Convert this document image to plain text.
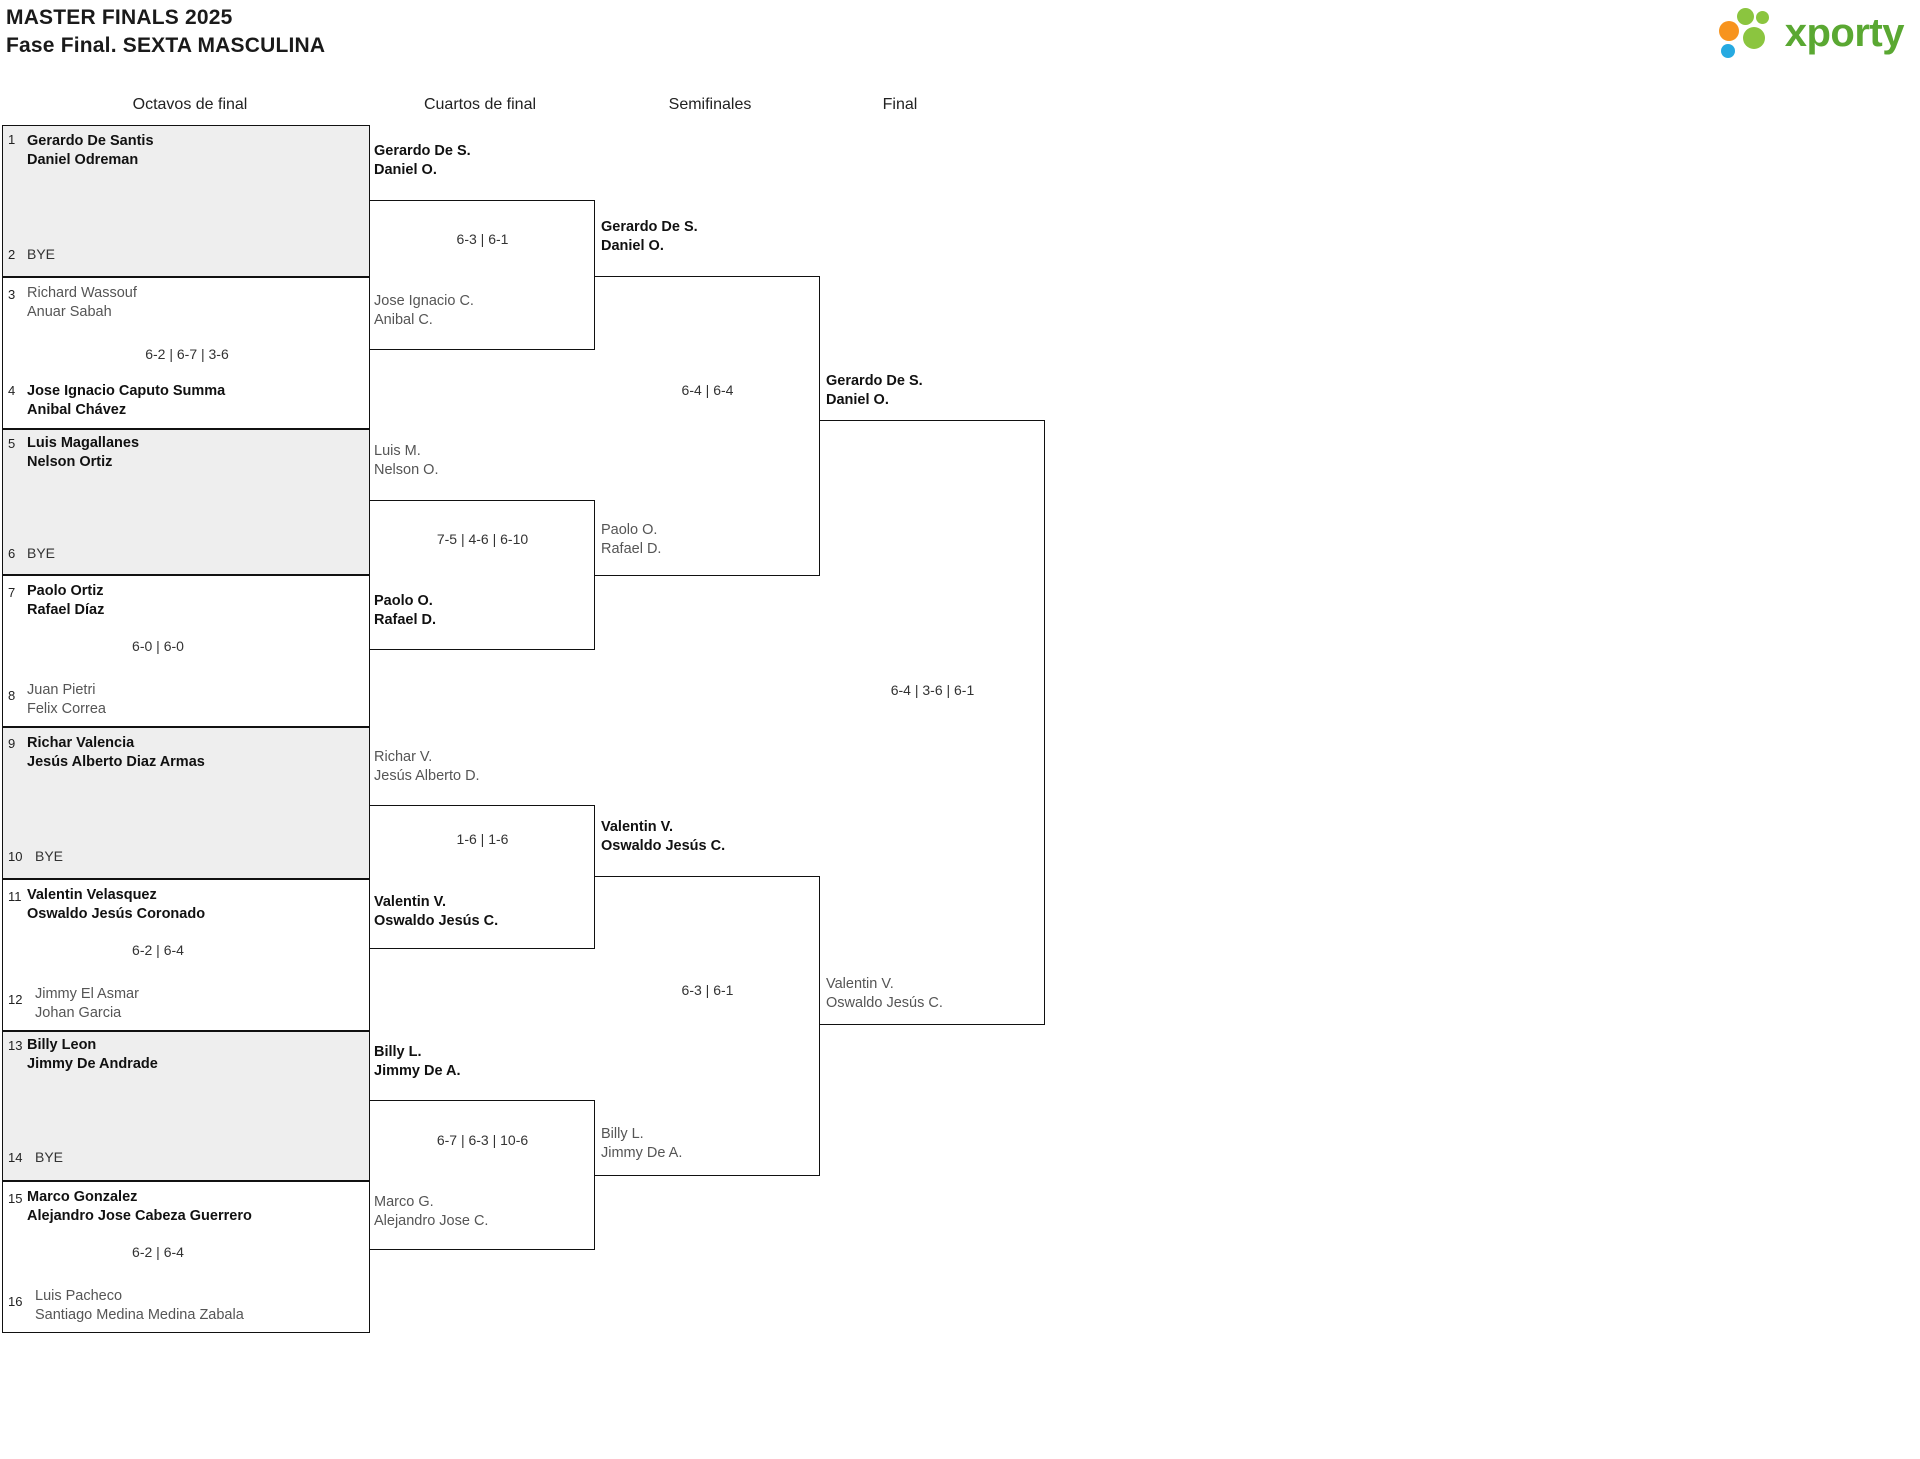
MASTER FINALS 2025
Fase Final. SEXTA MASCULINA	xporty
Octavos de final	Cuartos de final	Semifinales	Final
1 Gerardo De Santis
Daniel Odreman
2 BYE
3 Richard Wassouf
Anuar Sabah
6-2 | 6-7 | 3-6
4 Jose Ignacio Caputo Summa
Anibal Chávez
5 Luis Magallanes
Nelson Ortiz
6 BYE
7 Paolo Ortiz
Rafael Díaz
6-0 | 6-0
8 Juan Pietri
Felix Correa
9 Richar Valencia
Jesús Alberto Diaz Armas
10 BYE
11 Valentin Velasquez
Oswaldo Jesús Coronado
6-2 | 6-4
12 Jimmy El Asmar
Johan Garcia
13 Billy Leon
Jimmy De Andrade
14 BYE
15 Marco Gonzalez
Alejandro Jose Cabeza Guerrero
6-2 | 6-4
16 Luis Pacheco
Santiago Medina Medina Zabala
Gerardo De S.
Daniel O.
6-3 | 6-1
Jose Ignacio C.
Anibal C.
Luis M.
Nelson O.
7-5 | 4-6 | 6-10
Paolo O.
Rafael D.
Richar V.
Jesús Alberto D.
1-6 | 1-6
Valentin V.
Oswaldo Jesús C.
Billy L.
Jimmy De A.
6-7 | 6-3 | 10-6
Marco G.
Alejandro Jose C.
Gerardo De S.
Daniel O.
6-4 | 6-4
Paolo O.
Rafael D.
Valentin V.
Oswaldo Jesús C.
6-3 | 6-1
Billy L.
Jimmy De A.
Gerardo De S.
Daniel O.
6-4 | 3-6 | 6-1
Valentin V.
Oswaldo Jesús C.
